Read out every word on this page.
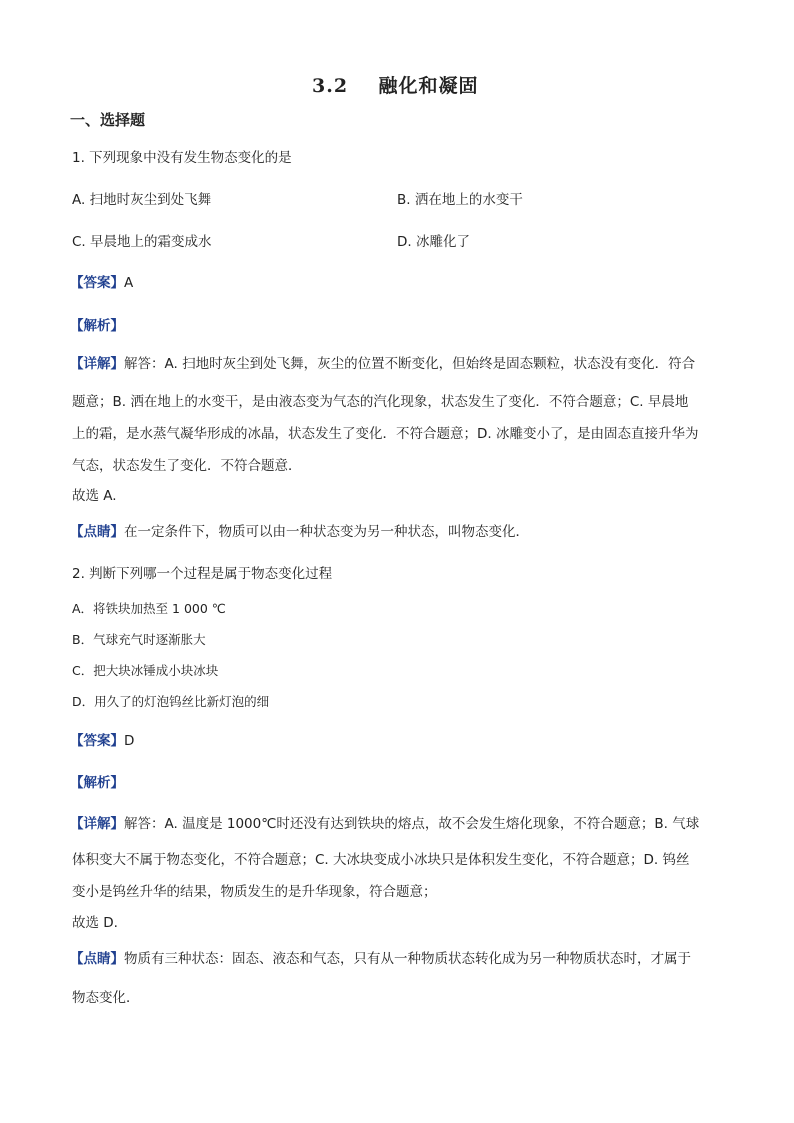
3.2    融化和凝固
一、选择题
1. 下列现象中没有发生物态变化的是
A. 扫地时灰尘到处飞舞	B. 洒在地上的水变干
C. 早晨地上的霜变成水	D. 冰雕化了
【答案】A
【解析】
【详解】解答：A. 扫地时灰尘到处飞舞，灰尘的位置不断变化，但始终是固态颗粒，状态没有变化．符合
题意；B. 洒在地上的水变干，是由液态变为气态的汽化现象，状态发生了变化．不符合题意；C. 早晨地
上的霜，是水蒸气凝华形成的冰晶，状态发生了变化．不符合题意；D. 冰雕变小了，是由固态直接升华为
气态，状态发生了变化．不符合题意．
故选 A.
【点睛】在一定条件下，物质可以由一种状态变为另一种状态，叫物态变化．
2. 判断下列哪一个过程是属于物态变化过程
A．将铁块加热至 1 000 ℃
B．气球充气时逐渐胀大
C．把大块冰锤成小块冰块
D．用久了的灯泡钨丝比新灯泡的细
【答案】D
【解析】
【详解】解答：A. 温度是 1000℃时还没有达到铁块的熔点，故不会发生熔化现象，不符合题意；B. 气球
体积变大不属于物态变化，不符合题意；C. 大冰块变成小冰块只是体积发生变化，不符合题意；D. 钨丝
变小是钨丝升华的结果，物质发生的是升华现象，符合题意；
故选 D.
【点睛】物质有三种状态：固态、液态和气态，只有从一种物质状态转化成为另一种物质状态时，才属于
物态变化．
